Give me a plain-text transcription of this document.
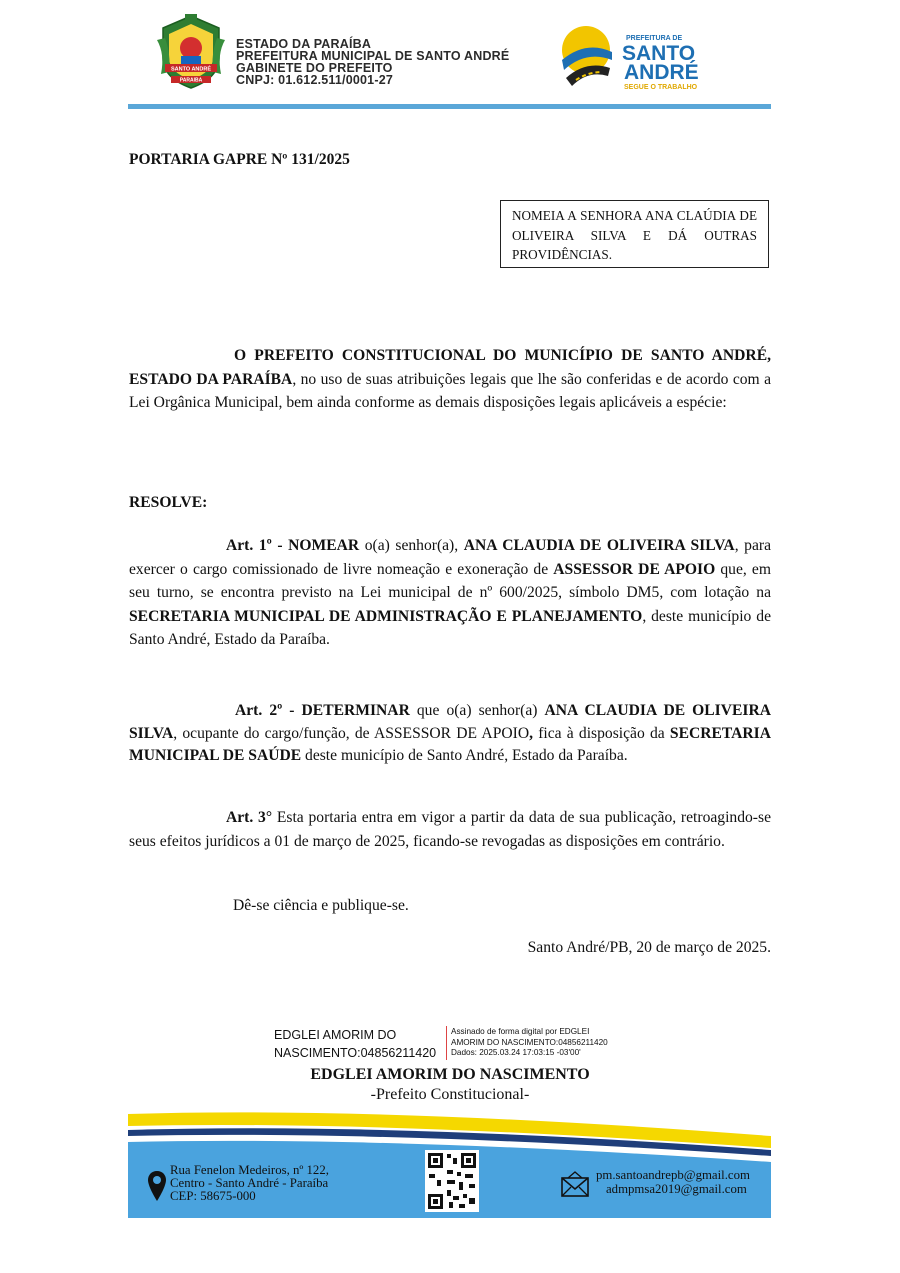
SANTO ANDRÉ
PARAIBA
ESTADO DA PARAÍBA
PREFEITURA MUNICIPAL DE SANTO ANDRÉ
GABINETE DO PREFEITO
CNPJ: 01.612.511/0001-27
PREFEITURA DE
SANTO
ANDRÉ
SEGUE O TRABALHO
PORTARIA GAPRE Nº 131/2025
NOMEIA A SENHORA ANA CLAÚDIA DE OLIVEIRA SILVA E DÁ OUTRAS PROVIDÊNCIAS.
O PREFEITO CONSTITUCIONAL DO MUNICÍPIO DE SANTO ANDRÉ, ESTADO DA PARAÍBA, no uso de suas atribuições legais que lhe são conferidas e de acordo com a Lei Orgânica Municipal, bem ainda conforme as demais disposições legais aplicáveis a espécie:
RESOLVE:
Art. 1º - NOMEAR o(a) senhor(a), ANA CLAUDIA DE OLIVEIRA SILVA, para exercer o cargo comissionado de livre nomeação e exoneração de ASSESSOR DE APOIO que, em seu turno, se encontra previsto na Lei municipal de nº 600/2025, símbolo DM5, com lotação na SECRETARIA MUNICIPAL DE ADMINISTRAÇÃO E PLANEJAMENTO, deste município de Santo André, Estado da Paraíba.
Art. 2º - DETERMINAR que o(a) senhor(a) ANA CLAUDIA DE OLIVEIRA SILVA, ocupante do cargo/função, de ASSESSOR DE APOIO, fica à disposição da SECRETARIA MUNICIPAL DE SAÚDE deste município de Santo André, Estado da Paraíba.
Art. 3° Esta portaria entra em vigor a partir da data de sua publicação, retroagindo-se seus efeitos jurídicos a 01 de março de 2025, ficando-se revogadas as disposições em contrário.
Dê-se ciência e publique-se.
Santo André/PB, 20 de março de 2025.
EDGLEI AMORIM DO
NASCIMENTO:04856211420
Assinado de forma digital por EDGLEI
AMORIM DO NASCIMENTO:04856211420
Dados: 2025.03.24 17:03:15 -03'00'
EDGLEI AMORIM DO NASCIMENTO
-Prefeito Constitucional-
Rua Fenelon Medeiros, nº 122,
Centro - Santo André - Paraíba
CEP: 58675-000
pm.santoandrepb@gmail.com
admpmsa2019@gmail.com
